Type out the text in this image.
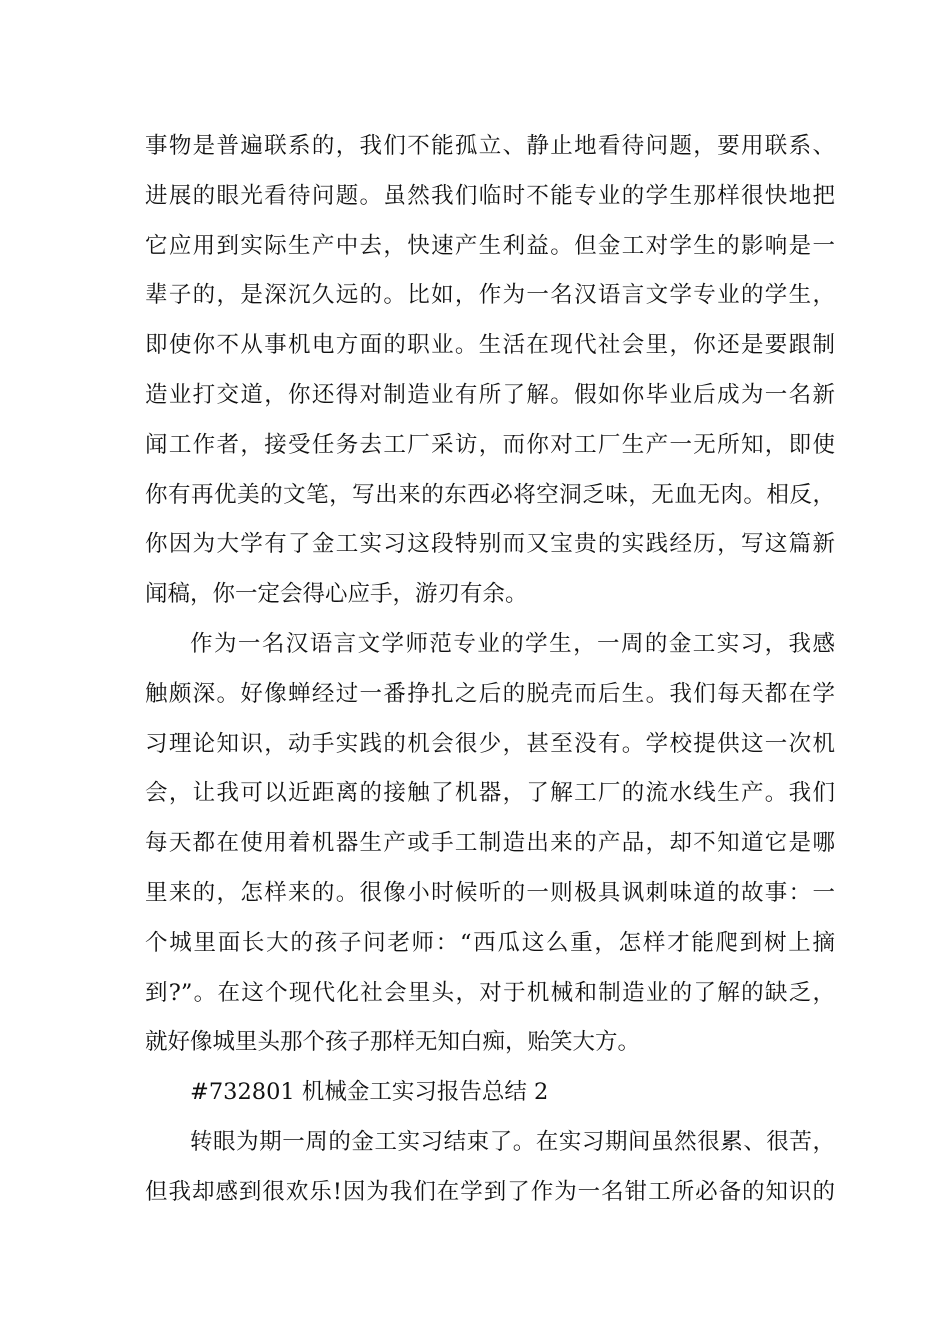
事物是普遍联系的，我们不能孤立、静止地看待问题，要用联系、
进展的眼光看待问题。虽然我们临时不能专业的学生那样很快地把
它应用到实际生产中去，快速产生利益。但金工对学生的影响是一
辈子的，是深沉久远的。比如，作为一名汉语言文学专业的学生，
即使你不从事机电方面的职业。生活在现代社会里，你还是要跟制
造业打交道，你还得对制造业有所了解。假如你毕业后成为一名新
闻工作者，接受任务去工厂采访，而你对工厂生产一无所知，即使
你有再优美的文笔，写出来的东西必将空洞乏味，无血无肉。相反，
你因为大学有了金工实习这段特别而又宝贵的实践经历，写这篇新
闻稿，你一定会得心应手，游刃有余。
作为一名汉语言文学师范专业的学生，一周的金工实习，我感
触颇深。好像蝉经过一番挣扎之后的脱壳而后生。我们每天都在学
习理论知识，动手实践的机会很少，甚至没有。学校提供这一次机
会，让我可以近距离的接触了机器，了解工厂的流水线生产。我们
每天都在使用着机器生产或手工制造出来的产品，却不知道它是哪
里来的，怎样来的。很像小时候听的一则极具讽刺味道的故事：一
个城里面长大的孩子问老师：“西瓜这么重，怎样才能爬到树上摘
到?”。在这个现代化社会里头，对于机械和制造业的了解的缺乏，
就好像城里头那个孩子那样无知白痴，贻笑大方。
#732801 机械金工实习报告总结 2
转眼为期一周的金工实习结束了。在实习期间虽然很累、很苦，
但我却感到很欢乐!因为我们在学到了作为一名钳工所必备的知识的
